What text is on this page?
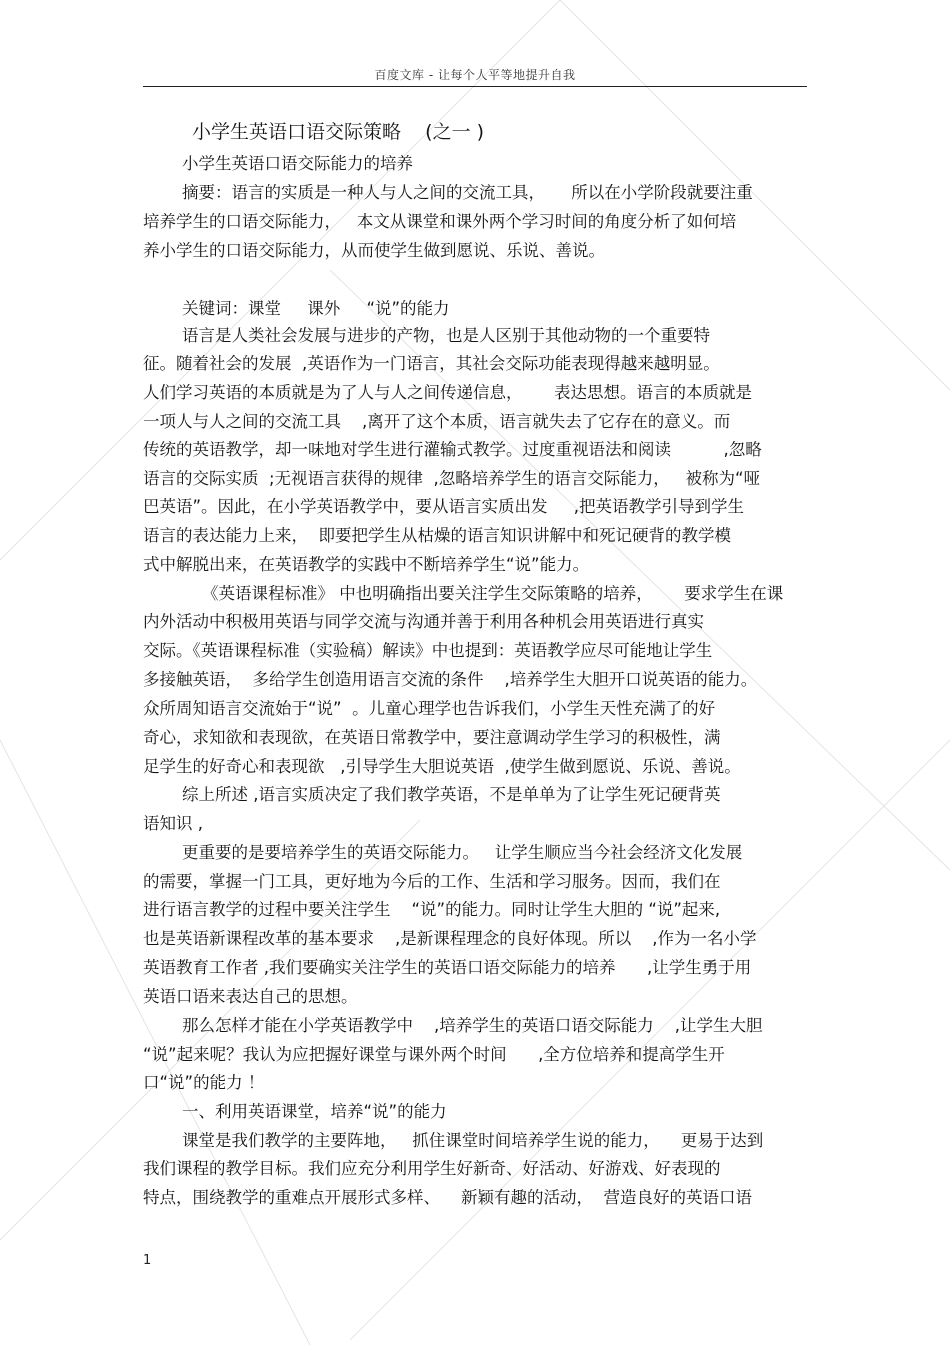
百度文库 - 让每个人平等地提升自我
小学生英语口语交际策略    (之一 )
小学生英语口语交际能力的培养
摘要：语言的实质是一种人与人之间的交流工具，     所以在小学阶段就要注重
培养学生的口语交际能力，   本文从课堂和课外两个学习时间的角度分析了如何培
养小学生的口语交际能力，从而使学生做到愿说、乐说、善说。
关键词：课堂     课外     “说”的能力
语言是人类社会发展与进步的产物，也是人区别于其他动物的一个重要特
征。随着社会的发展  ,英语作为一门语言，其社会交际功能表现得越来越明显。
人们学习英语的本质就是为了人与人之间传递信息，      表达思想。语言的本质就是
一项人与人之间的交流工具    ,离开了这个本质，语言就失去了它存在的意义。而
传统的英语教学，却一味地对学生进行灌输式教学。过度重视语法和阅读          ,忽略
语言的交际实质  ;无视语言获得的规律  ,忽略培养学生的语言交际能力，   被称为“哑
巴英语”。因此，在小学英语教学中，要从语言实质出发     ,把英语教学引导到学生
语言的表达能力上来，  即要把学生从枯燥的语言知识讲解中和死记硬背的教学模
式中解脱出来，在英语教学的实践中不断培养学生“说”能力。
《英语课程标准》 中也明确指出要关注学生交际策略的培养，      要求学生在课
内外活动中积极用英语与同学交流与沟通并善于利用各种机会用英语进行真实
交际。《英语课程标准（实验稿）解读》中也提到：英语教学应尽可能地让学生
多接触英语，  多给学生创造用语言交流的条件    ,培养学生大胆开口说英语的能力。
众所周知语言交流始于“说”  。儿童心理学也告诉我们，小学生天性充满了的好
奇心，求知欲和表现欲，在英语日常教学中，要注意调动学生学习的积极性，满
足学生的好奇心和表现欲   ,引导学生大胆说英语  ,使学生做到愿说、乐说、善说。
综上所述 ,语言实质决定了我们教学英语，不是单单为了让学生死记硬背英
语知识 ,
更重要的是要培养学生的英语交际能力。   让学生顺应当今社会经济文化发展
的需要，掌握一门工具，更好地为今后的工作、生活和学习服务。因而，我们在
进行语言教学的过程中要关注学生    “说”的能力。同时让学生大胆的 “说”起来,
也是英语新课程改革的基本要求    ,是新课程理念的良好体现。所以    ,作为一名小学
英语教育工作者 ,我们要确实关注学生的英语口语交际能力的培养      ,让学生勇于用
英语口语来表达自己的思想。
那么怎样才能在小学英语教学中    ,培养学生的英语口语交际能力    ,让学生大胆
“说”起来呢？我认为应把握好课堂与课外两个时间      ,全方位培养和提高学生开
口“说”的能力 ！
一、利用英语课堂，培养“说”的能力
课堂是我们教学的主要阵地，   抓住课堂时间培养学生说的能力，    更易于达到
我们课程的教学目标。我们应充分利用学生好新奇、好活动、好游戏、好表现的
特点，围绕教学的重难点开展形式多样、    新颖有趣的活动，  营造良好的英语口语
1
